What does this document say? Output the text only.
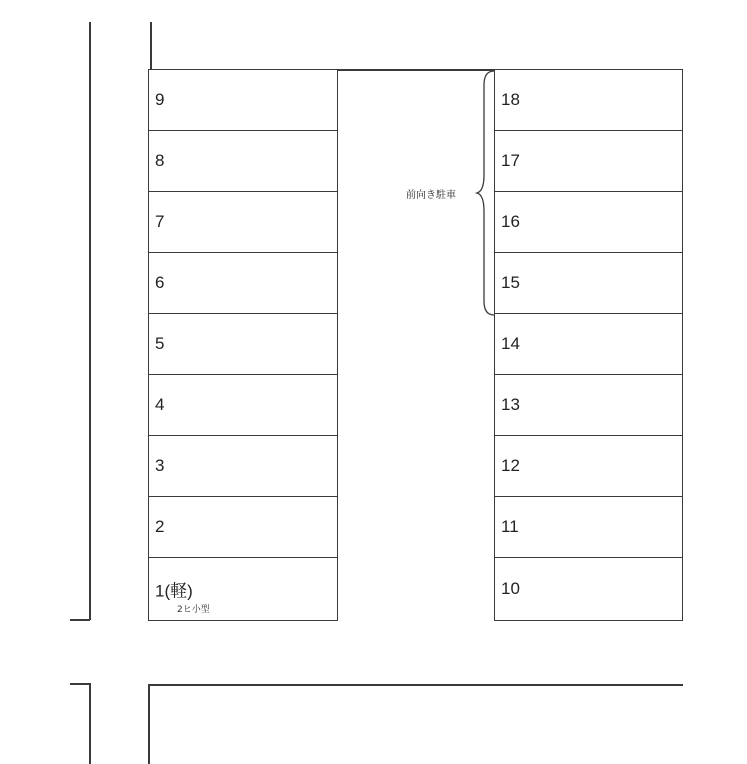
9
8
7
6
5
4
3
2
1(軽)
2ヒ小型
18
17
16
15
14
13
12
11
10
前向き駐車
